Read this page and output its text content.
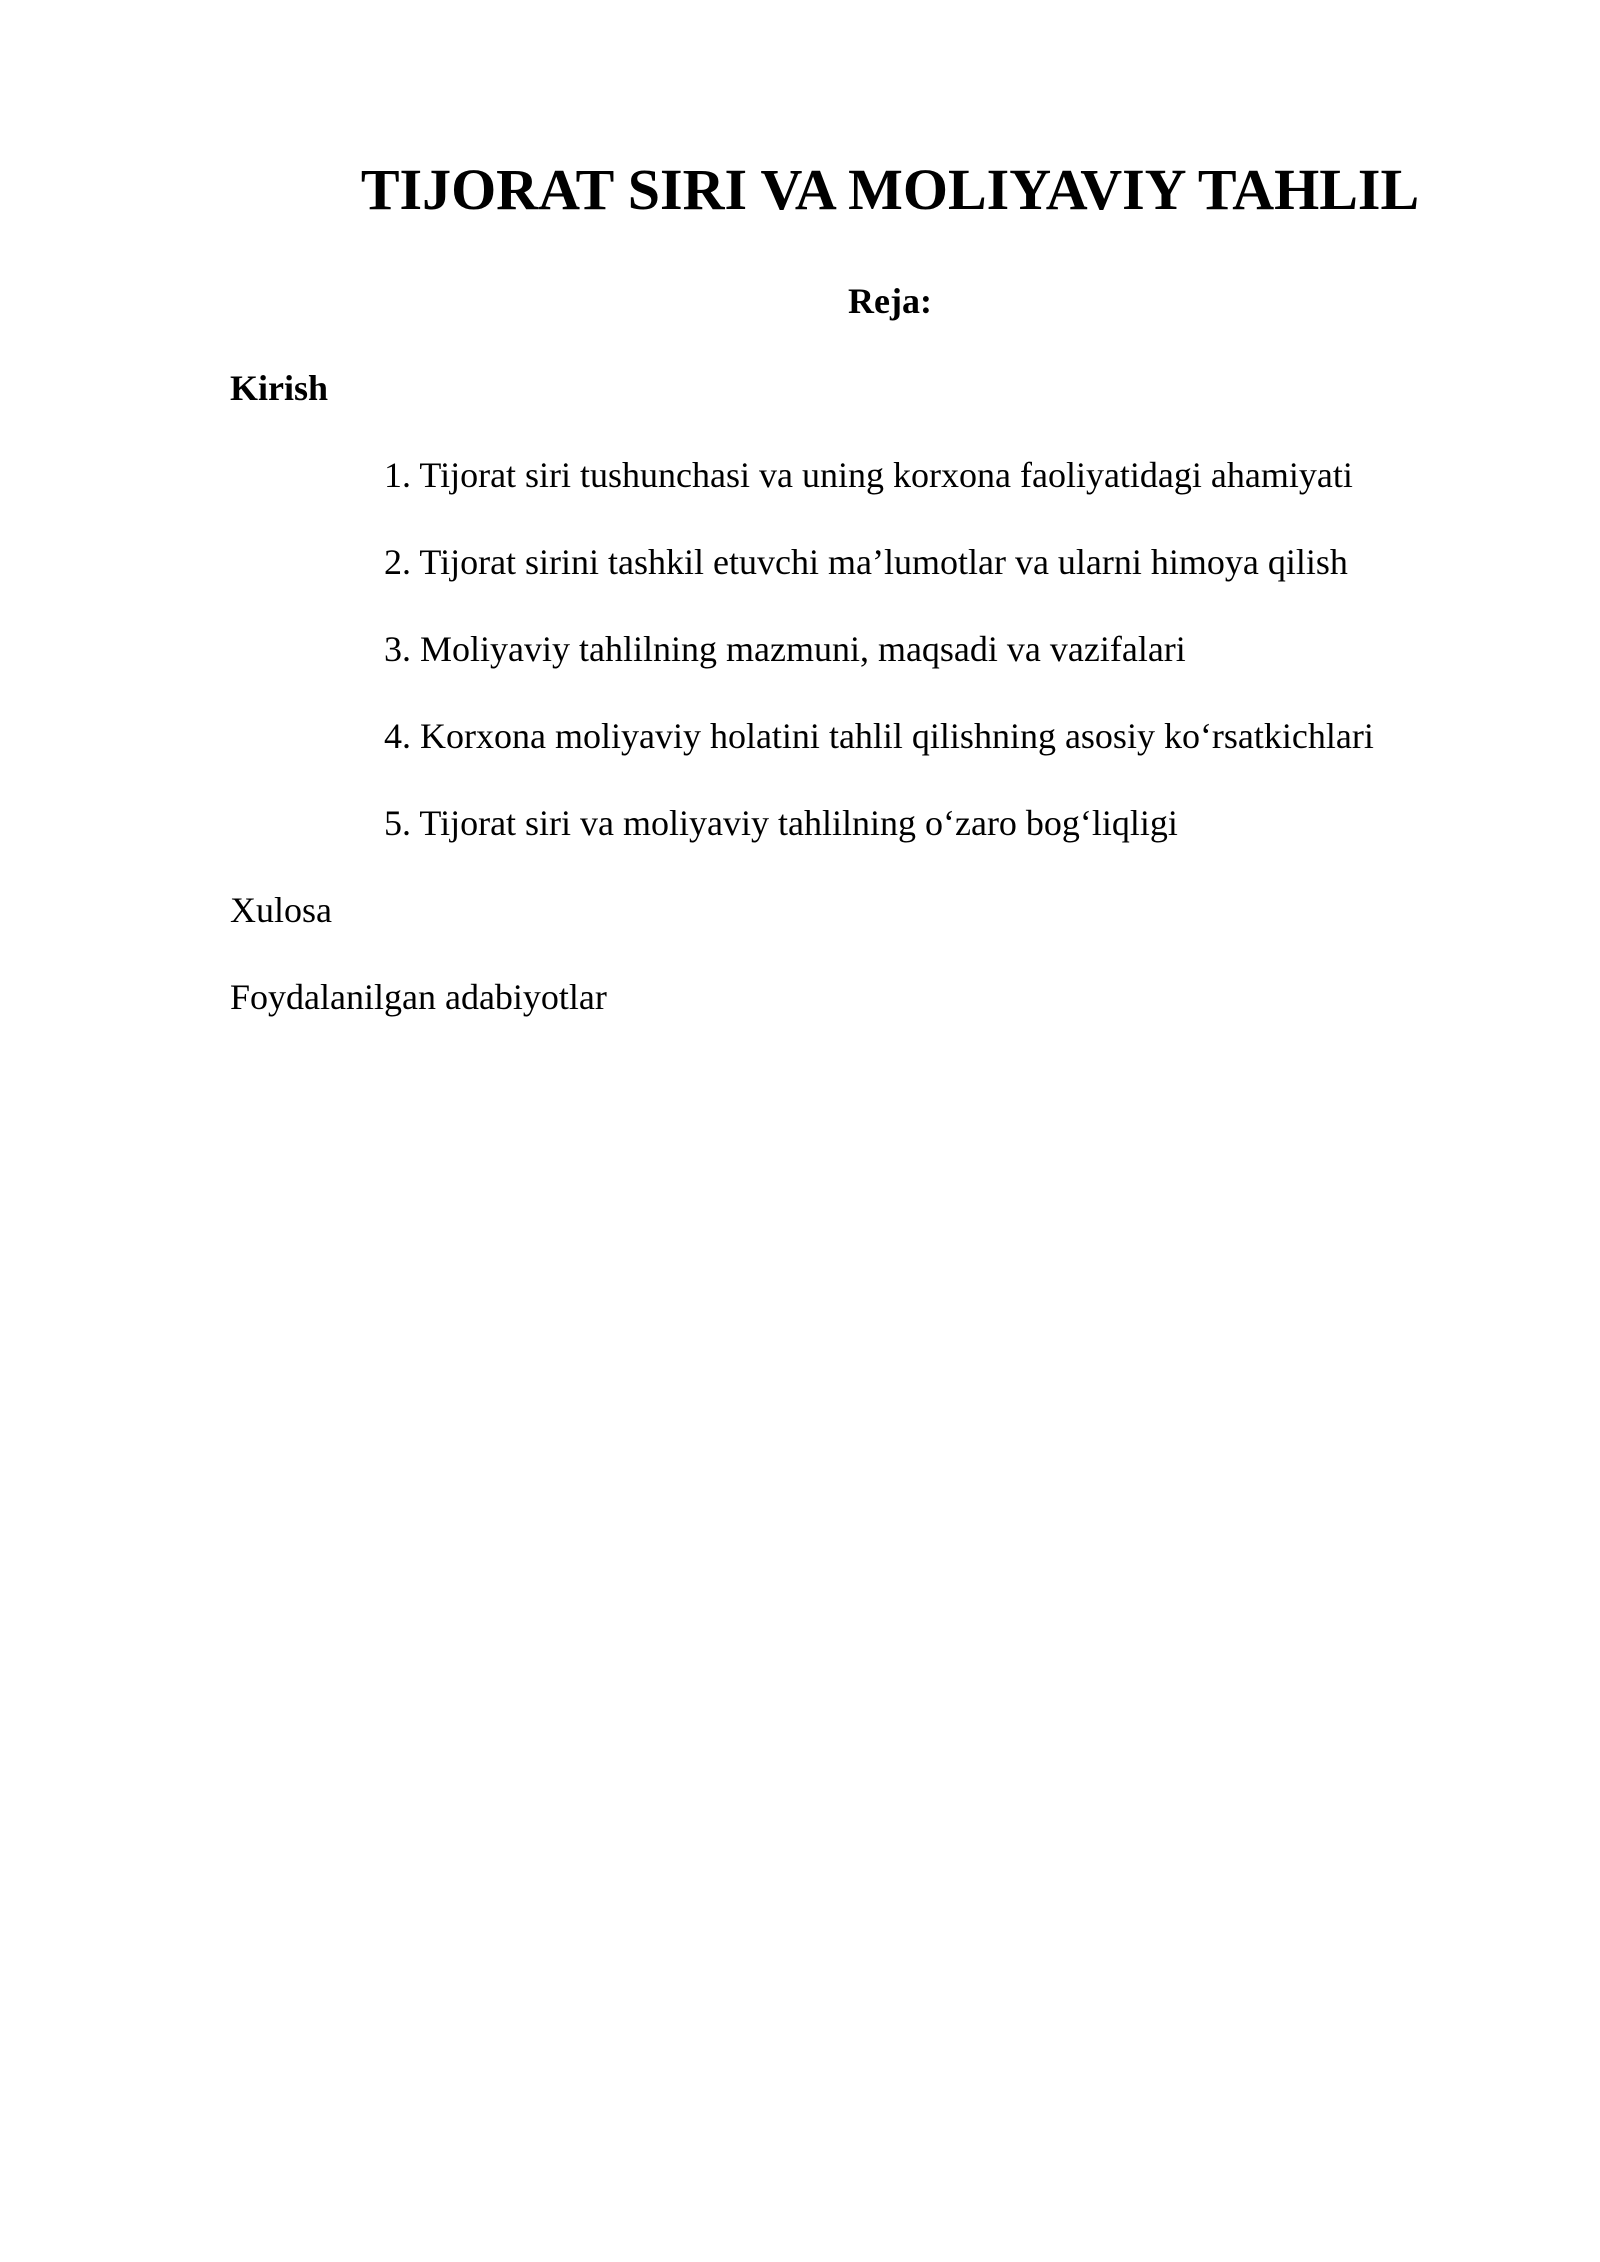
TIJORAT SIRI VA MOLIYAVIY TAHLIL

Reja:

Kirish

1. Tijorat siri tushunchasi va uning korxona faoliyatidagi ahamiyati
2. Tijorat sirini tashkil etuvchi ma’lumotlar va ularni himoya qilish
3. Moliyaviy tahlilning mazmuni, maqsadi va vazifalari
4. Korxona moliyaviy holatini tahlil qilishning asosiy ko‘rsatkichlari
5. Tijorat siri va moliyaviy tahlilning o‘zaro bog‘liqligi

Xulosa

Foydalanilgan adabiyotlar
